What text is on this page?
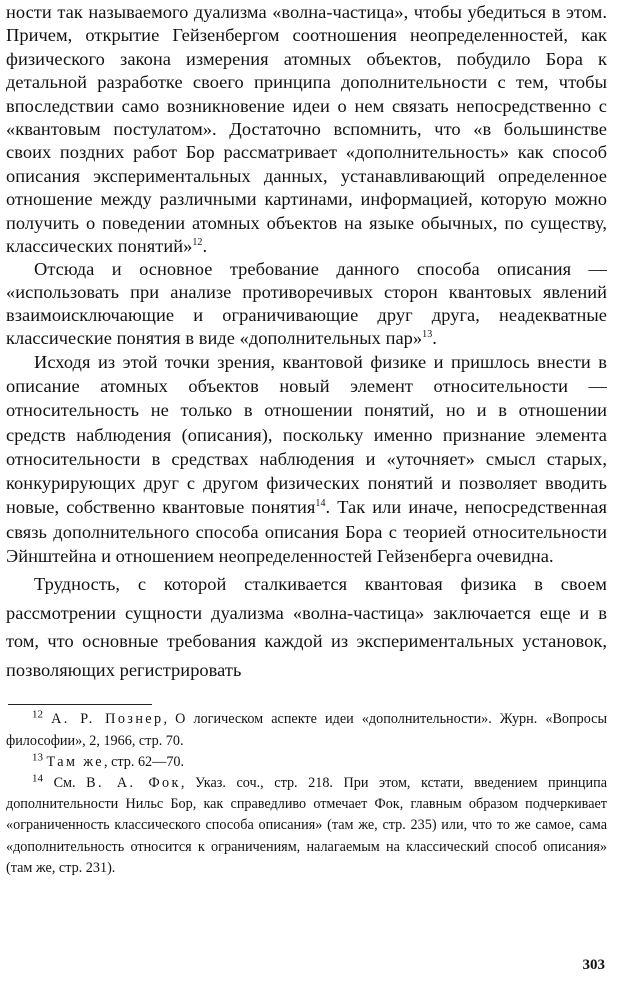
ности так называемого дуализма «волна-частица», чтобы убедиться в этом. Причем, открытие Гейзенбергом соотношения неопределенностей, как физического закона измерения атомных объектов, побудило Бора к детальной разработке своего принципа дополнительности с тем, чтобы впоследствии само возникновение идеи о нем связать непосредственно с «квантовым постулатом». Достаточно вспомнить, что «в большинстве своих поздних работ Бор рассматривает «дополнительность» как способ описания экспериментальных данных, устанавливающий определенное отношение между различными картинами, информацией, которую можно получить о поведении атомных объектов на языке обычных, по существу, классических понятий»$^{12}$.

Отсюда и основное требование данного способа описания — «использовать при анализе противоречивых сторон квантовых явлений взаимоисключающие и ограничивающие друг друга, неадекватные классические понятия в виде «дополнительных пар»$^{13}$.

Исходя из этой точки зрения, квантовой физике и пришлось внести в описание атомных объектов новый элемент относительности — относительность не только в отношении понятий, но и в отношении средств наблюдения (описания), поскольку именно признание элемента относительности в средствах наблюдения и «уточняет» смысл старых, конкурирующих друг с другом физических понятий и позволяет вводить новые, собственно квантовые понятия$^{14}$. Так или иначе, непосредственная связь дополнительного способа описания Бора с теорией относительности Эйнштейна и отношением неопределенностей Гейзенберга очевидна.

Трудность, с которой сталкивается квантовая физика в своем рассмотрении сущности дуализма «волна-частица» заключается еще и в том, что основные требования каждой из экспериментальных установок, позволяющих регистрировать

$^{12}$ А. Р. Познер, О логическом аспекте идеи «дополнительности». Журн. «Вопросы философии», 2, 1966, стр. 70.

$^{13}$ Там же, стр. 62—70.

$^{14}$ См. В. А. Фок, Указ. соч., стр. 218. При этом, кстати, введением принципа дополнительности Нильс Бор, как справедливо отмечает Фок, главным образом подчеркивает «ограниченность классического способа описания» (там же, стр. 235) или, что то же самое, сама «дополнительность относится к ограничениям, налагаемым на классический способ описания» (там же, стр. 231).

303
